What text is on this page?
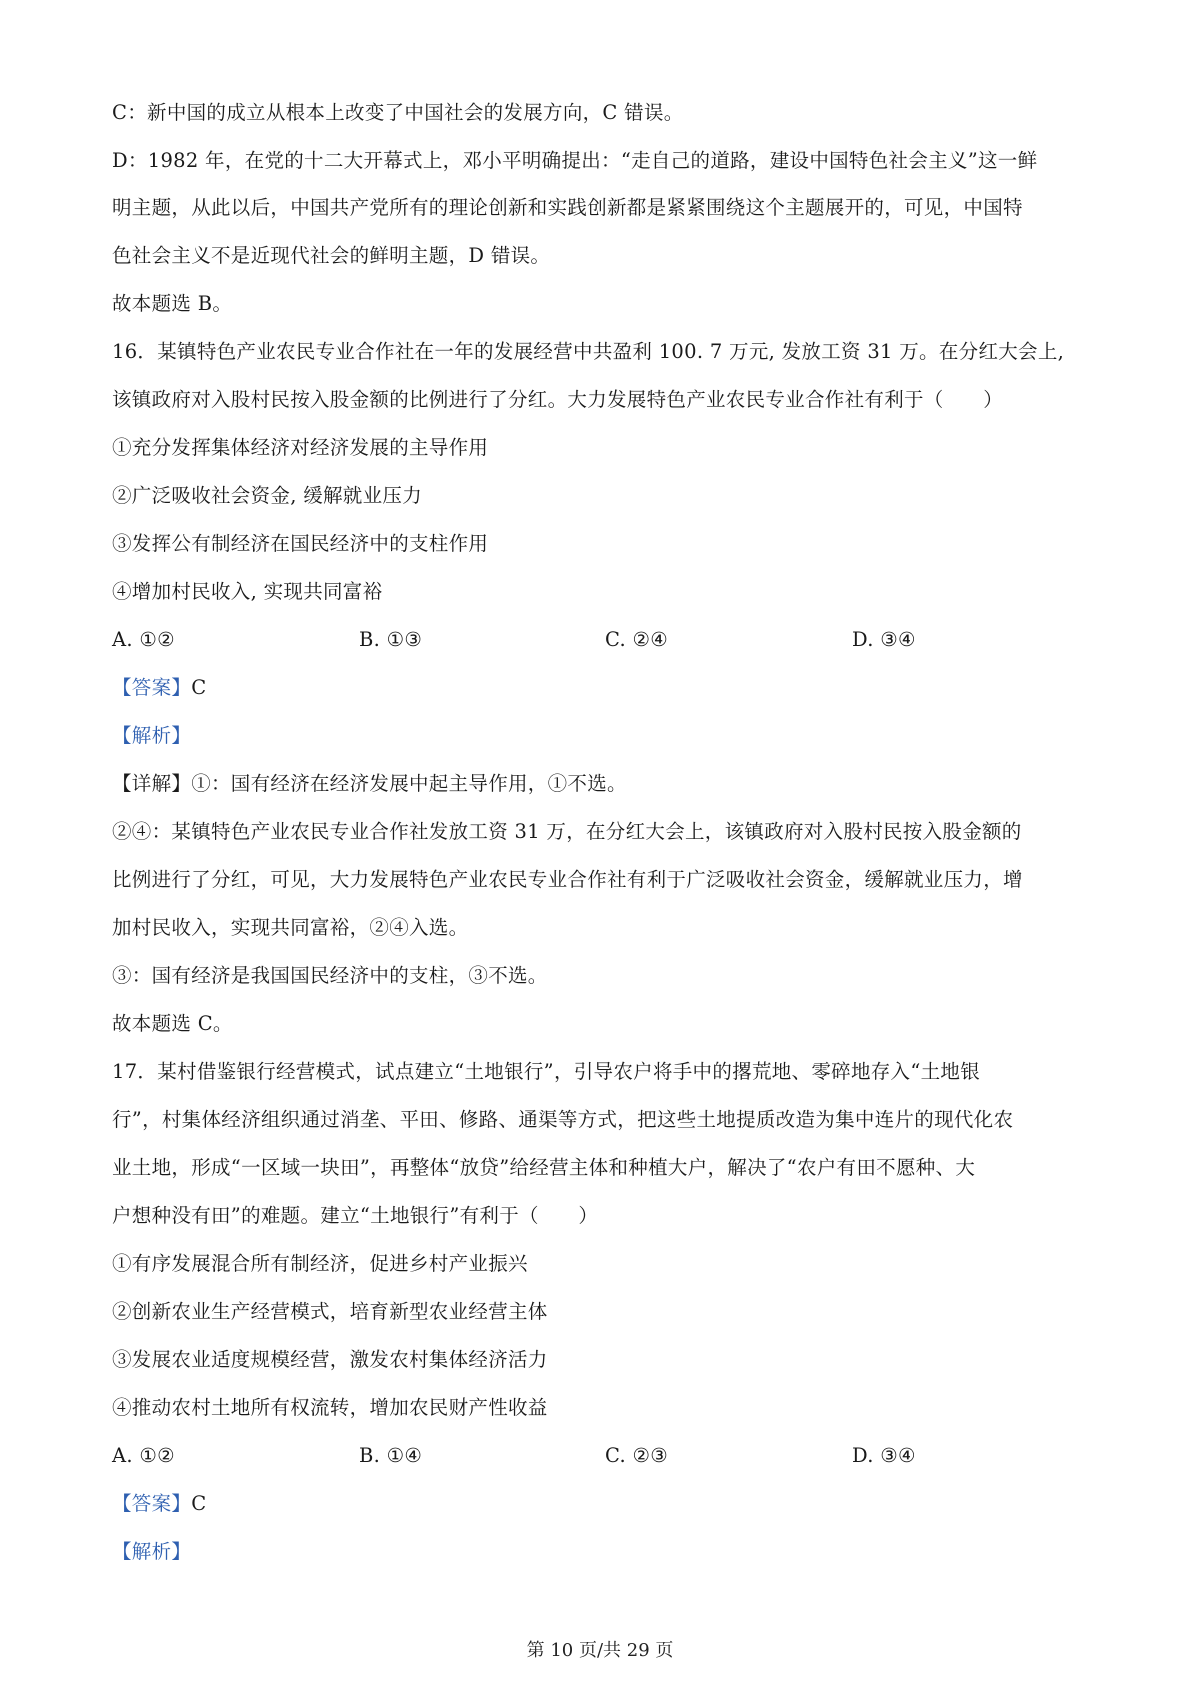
C：新中国的成立从根本上改变了中国社会的发展方向，C 错误。
D：1982 年，在党的十二大开幕式上，邓小平明确提出：“走自己的道路，建设中国特色社会主义”这一鲜
明主题，从此以后，中国共产党所有的理论创新和实践创新都是紧紧围绕这个主题展开的，可见，中国特
色社会主义不是近现代社会的鲜明主题，D 错误。
故本题选 B。
16．某镇特色产业农民专业合作社在一年的发展经营中共盈利 100. 7 万元, 发放工资 31 万。在分红大会上,
该镇政府对入股村民按入股金额的比例进行了分红。大力发展特色产业农民专业合作社有利于（　　）
①充分发挥集体经济对经济发展的主导作用
②广泛吸收社会资金, 缓解就业压力
③发挥公有制经济在国民经济中的支柱作用
④增加村民收入, 实现共同富裕
A. ①②	B. ①③	C. ②④	D. ③④
【答案】C
【解析】
【详解】①：国有经济在经济发展中起主导作用，①不选。
②④：某镇特色产业农民专业合作社发放工资 31 万，在分红大会上，该镇政府对入股村民按入股金额的
比例进行了分红，可见，大力发展特色产业农民专业合作社有利于广泛吸收社会资金，缓解就业压力，增
加村民收入，实现共同富裕，②④入选。
③：国有经济是我国国民经济中的支柱，③不选。
故本题选 C。
17．某村借鉴银行经营模式，试点建立“土地银行”，引导农户将手中的撂荒地、零碎地存入“土地银
行”，村集体经济组织通过消垄、平田、修路、通渠等方式，把这些土地提质改造为集中连片的现代化农
业土地，形成“一区域一块田”，再整体“放贷”给经营主体和种植大户，解决了“农户有田不愿种、大
户想种没有田”的难题。建立“土地银行”有利于（　　）
①有序发展混合所有制经济，促进乡村产业振兴
②创新农业生产经营模式，培育新型农业经营主体
③发展农业适度规模经营，激发农村集体经济活力
④推动农村土地所有权流转，增加农民财产性收益
A. ①②	B. ①④	C. ②③	D. ③④
【答案】C
【解析】
第 10 页/共 29 页
